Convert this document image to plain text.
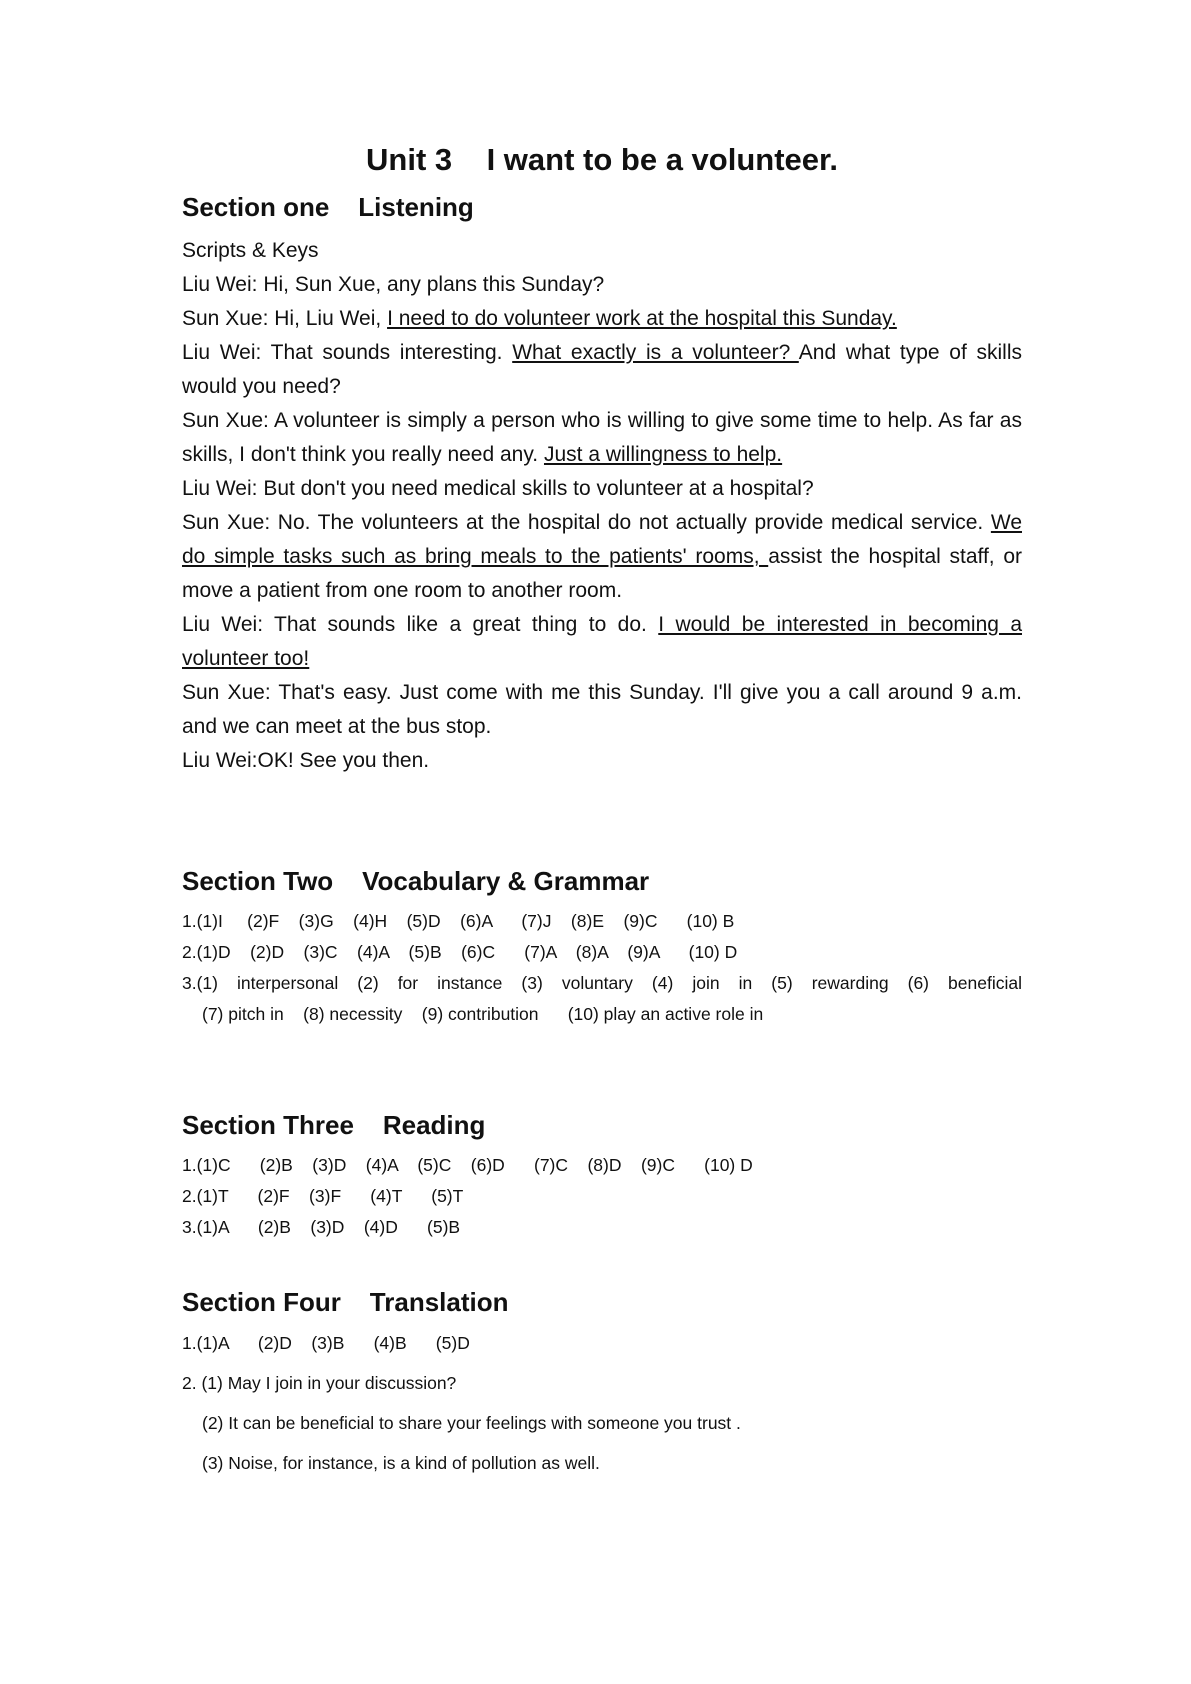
Unit 3    I want to be a volunteer.
Section one    Listening

Scripts & Keys

Liu Wei: Hi, Sun Xue, any plans this Sunday?

Sun Xue: Hi, Liu Wei, I need to do volunteer work at the hospital this Sunday.

Liu Wei: That sounds interesting. What exactly is a volunteer? And what type of skills would you need?

Sun Xue: A volunteer is simply a person who is willing to give some time to help. As far as skills, I don't think you really need any. Just a willingness to help.

Liu Wei: But don't you need medical skills to volunteer at a hospital?

Sun Xue: No. The volunteers at the hospital do not actually provide medical service. We do simple tasks such as bring meals to the patients' rooms, assist the hospital staff, or move a patient from one room to another room.

Liu Wei: That sounds like a great thing to do. I would be interested in becoming a volunteer too!

Sun Xue: That's easy. Just come with me this Sunday. I'll give you a call around 9 a.m. and we can meet at the bus stop.

Liu Wei:OK! See you then.

Section Two    Vocabulary & Grammar

1.(1)I     (2)F    (3)G    (4)H    (5)D    (6)A      (7)J    (8)E    (9)C      (10) B

2.(1)D    (2)D    (3)C    (4)A    (5)B    (6)C      (7)A    (8)A    (9)A      (10) D

3.(1) interpersonal (2) for instance (3) voluntary (4) join in (5) rewarding (6) beneficial

(7) pitch in    (8) necessity    (9) contribution      (10) play an active role in

Section Three    Reading

1.(1)C      (2)B    (3)D    (4)A    (5)C    (6)D      (7)C    (8)D    (9)C      (10) D

2.(1)T      (2)F    (3)F      (4)T      (5)T

3.(1)A      (2)B    (3)D    (4)D      (5)B

Section Four    Translation

1.(1)A      (2)D    (3)B      (4)B      (5)D

2. (1) May I join in your discussion?

(2) It can be beneficial to share your feelings with someone you trust .

(3) Noise, for instance, is a kind of pollution as well.
